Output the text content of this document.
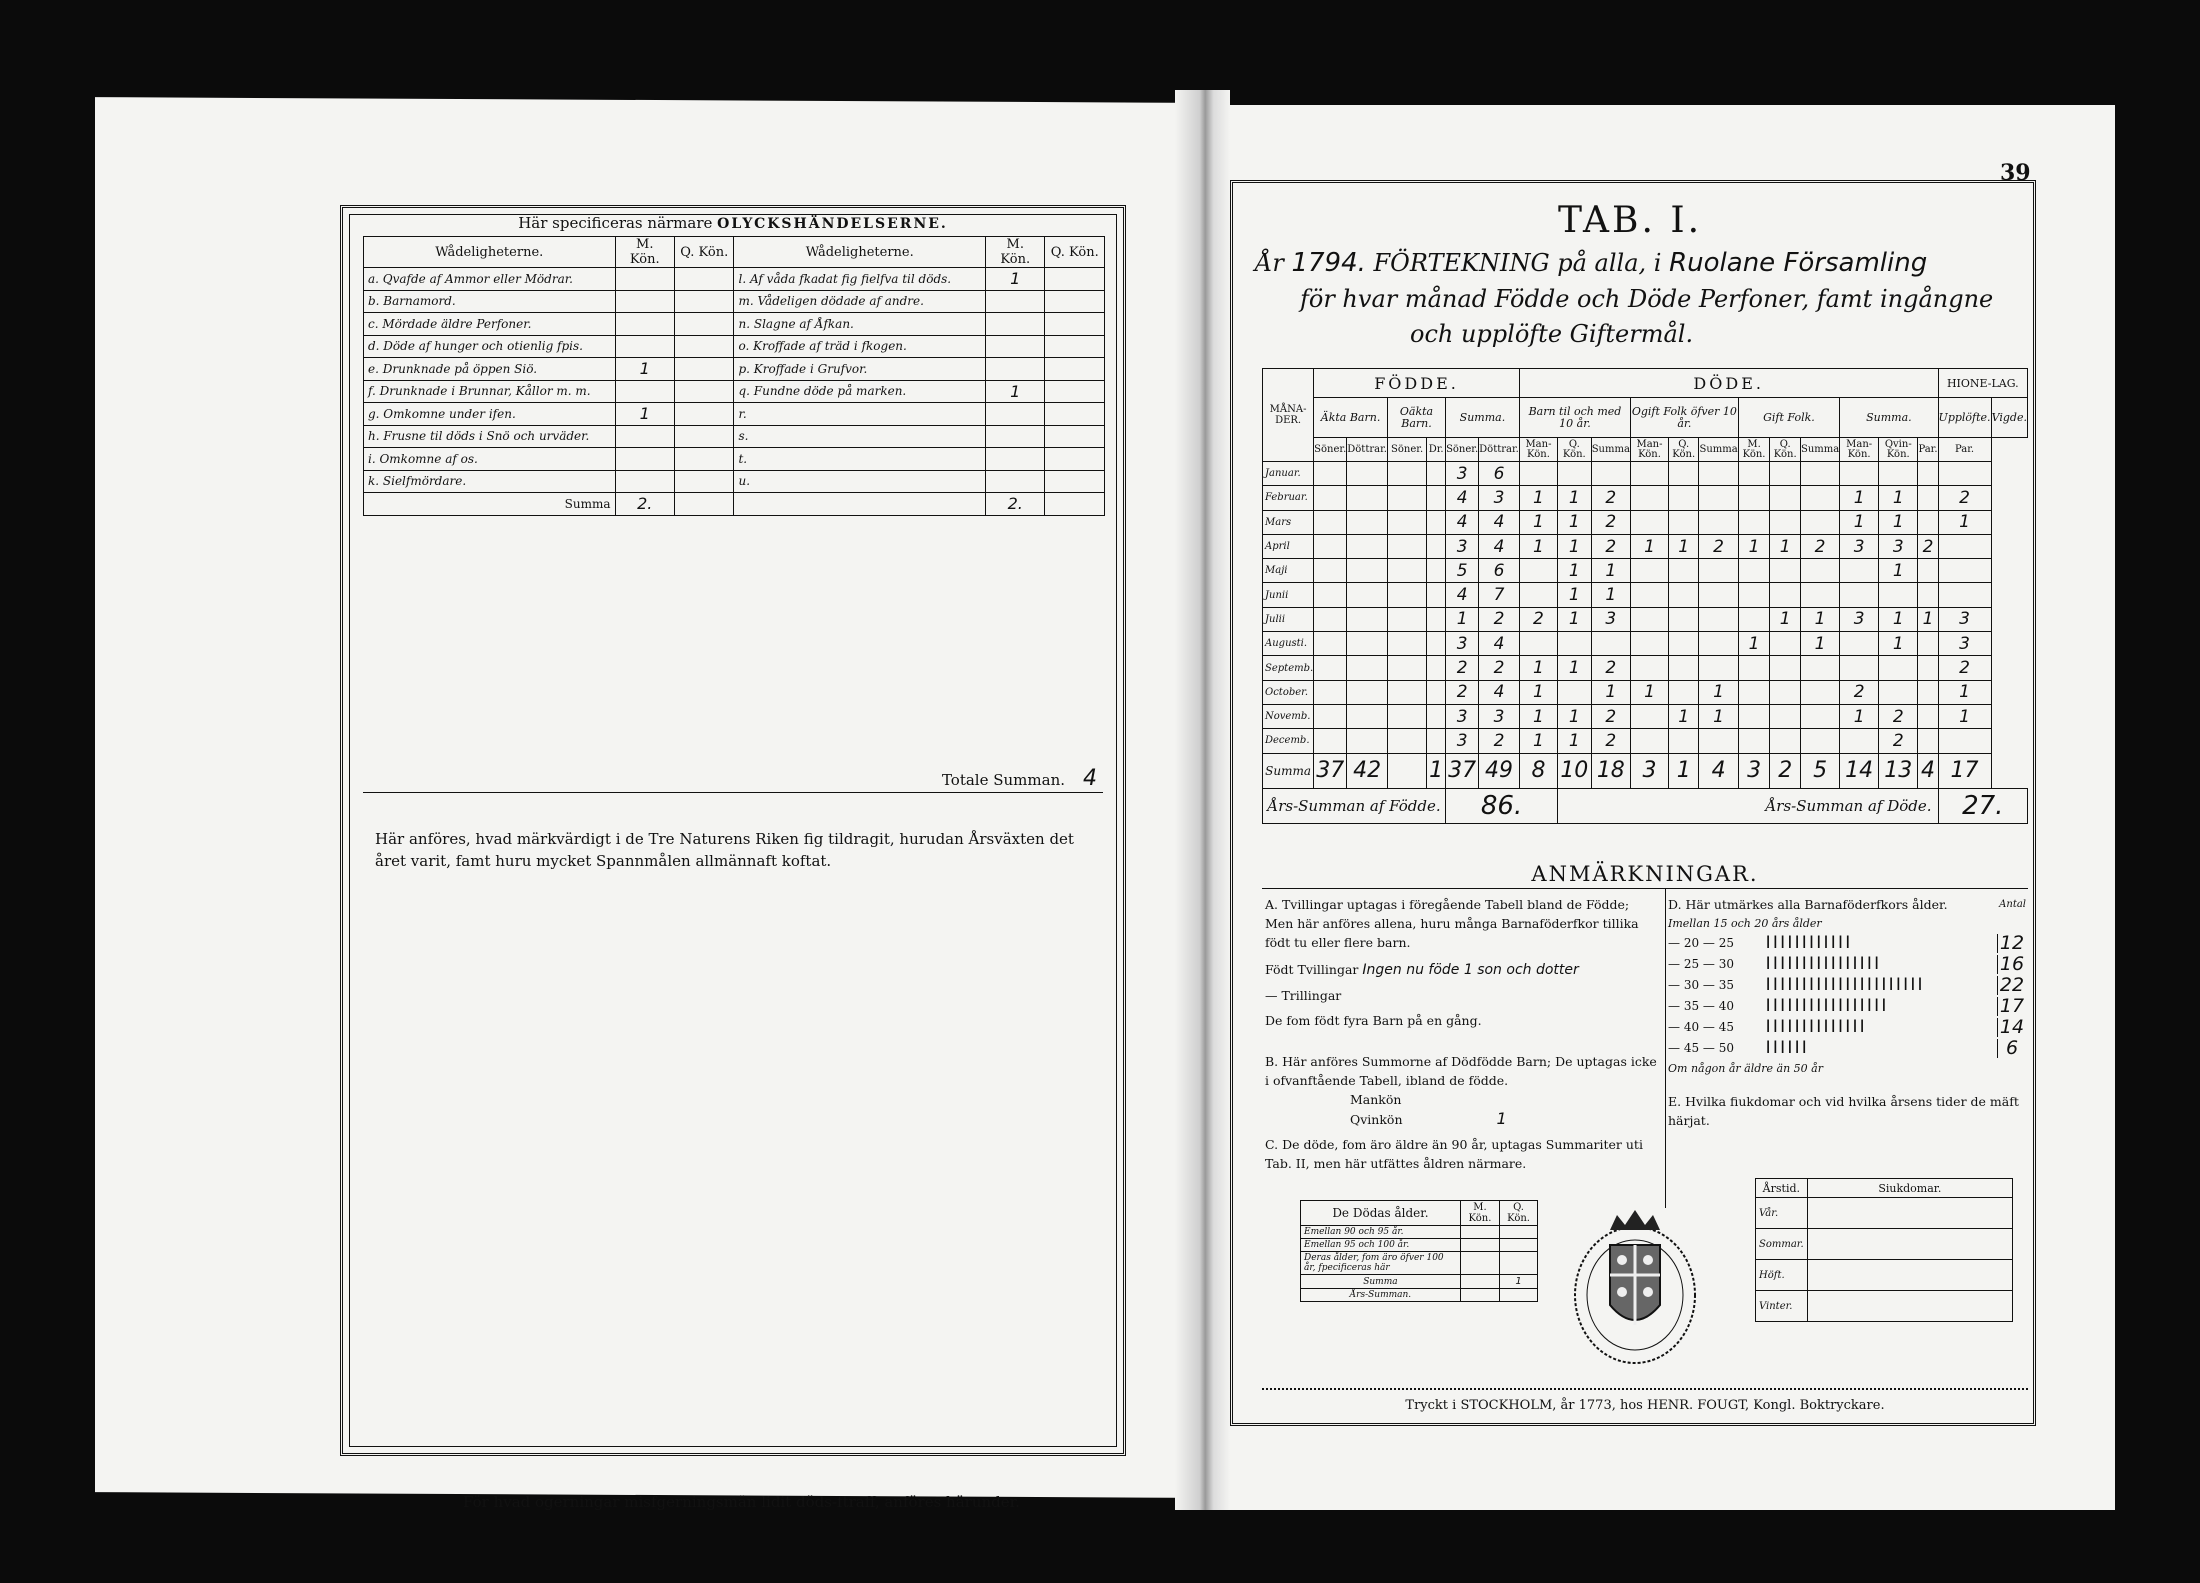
Här specificeras närmare OLYCKSHÄNDELSERNE.
Wådeligheterne.	M. Kön.	Q. Kön.	Wådeligheterne.	M. Kön.	Q. Kön.
a. Qvafde af Ammor eller Mödrar.			l. Af våda fkadat fig fielfva til döds.	1	
b. Barnamord.			m. Vådeligen dödade af andre.		
c. Mördade äldre Perfoner.			n. Slagne af Åfkan.		
d. Döde af hunger och otienlig fpis.			o. Kroffade af träd i fkogen.		
e. Drunknade på öppen Siö.	1		p. Kroffade i Grufvor.		
f. Drunknade i Brunnar, Kållor m. m.			q. Fundne döde på marken.	1	
g. Omkomne under ifen.	1		r.		
h. Frusne til döds i Snö och urväder.			s.		
i. Omkomne af os.			t.		
k. Sielfmördare.			u.		
Summa	2.			2.	
Totale Summan. 4
Här anföres, hvad märkvärdigt i de Tre Naturens Riken fig tildragit, hurudan Årsväxten det året varit, famt huru mycket Spannmålen allmännaft koftat.
För hvad ogerningar misfgerningsmän lidit döds-ftraff, anföres härunder.
39
TAB. I.
År 1794. FÖRTEKNING på alla, i Ruolane Församling
för hvar månad Födde och Döde Perfoner, famt ingångne
och upplöfte Giftermål.
MÅNA-DER.	FÖDDE.						DÖDE.												HIONE-LAG.	
	Äkta Barn.		Oäkta Barn.		Summa.		Barn til och med 10 år.			Ogift Folk öfver 10 år.			Gift Folk.			Summa.			Upplöfte.	Vigde.
	Söner.	Döttrar.	Söner.	Dr.	Söner.	Döttrar.	Man-Kön.	Q. Kön.	Summa	Man-Kön.	Q. Kön.	Summa	M. Kön.	Q. Kön.	Summa	Man-Kön.	Qvin-Kön.	Par.	Par.	
Januar.					3	6														
Februar.					4	3	1	1	2							1	1		2	
Mars					4	4	1	1	2							1	1		1	
April					3	4	1	1	2	1	1	2	1	1	2	3	3	2		
Maji					5	6		1	1								1			
Junii					4	7		1	1											
Julii					1	2	2	1	3					1	1	3	1	1	3	
Augusti.					3	4							1		1		1		3	
Septemb.					2	2	1	1	2										2	
October.					2	4	1		1	1		1				2			1	
Novemb.					3	3	1	1	2		1	1				1	2		1	
Decemb.					3	2	1	1	2								2			
Summa	37	42		1	37	49	8	10	18	3	1	4	3	2	5	14	13	4	17	
Års-Summan af Födde.					86.			Års-Summan af Döde.											27.	
ANMÄRKNINGAR.
A. Tvillingar uptagas i föregående Tabell bland de Födde; Men här anföres allena, huru många Barnaföderfkor tillika födt tu eller flere barn.
Födt Tvillingar Ingen nu föde 1 son och dotter
— Trillingar
De fom födt fyra Barn på en gång.
B. Här anföres Summorne af Dödfödde Barn; De uptagas icke i ofvanftående Tabell, ibland de födde.
Mankön
Qvinkön	1
C. De döde, fom äro äldre än 90 år, uptagas Summariter uti Tab. II, men här utfättes åldren närmare.
D. Här utmärkes alla Barnaföderfkors ålder.	Antal
Imellan 15 och 20 års ålder
— 20 — 25	ǀǀǀǀǀǀǀǀǀǀǀǀ	12
— 25 — 30	ǀǀǀǀǀǀǀǀǀǀǀǀǀǀǀǀ	16
— 30 — 35	ǀǀǀǀǀǀǀǀǀǀǀǀǀǀǀǀǀǀǀǀǀǀ	22
— 35 — 40	ǀǀǀǀǀǀǀǀǀǀǀǀǀǀǀǀǀ	17
— 40 — 45	ǀǀǀǀǀǀǀǀǀǀǀǀǀǀ	14
— 45 — 50	ǀǀǀǀǀǀ	6
Om någon år äldre än 50 år
E. Hvilka fiukdomar och vid hvilka årsens tider de mäft härjat.
De Dödas ålder.	M. Kön.	Q. Kön.
Emellan 90 och 95 år.		
Emellan 95 och 100 år.		
Deras ålder, fom äro öfver 100 år, fpecificeras här		
Summa		1
Års-Summan.		
Årstid.	Siukdomar.
Vår.	
Sommar.	
Höft.	
Vinter.	
Tryckt i STOCKHOLM, år 1773, hos HENR. FOUGT, Kongl. Boktryckare.
